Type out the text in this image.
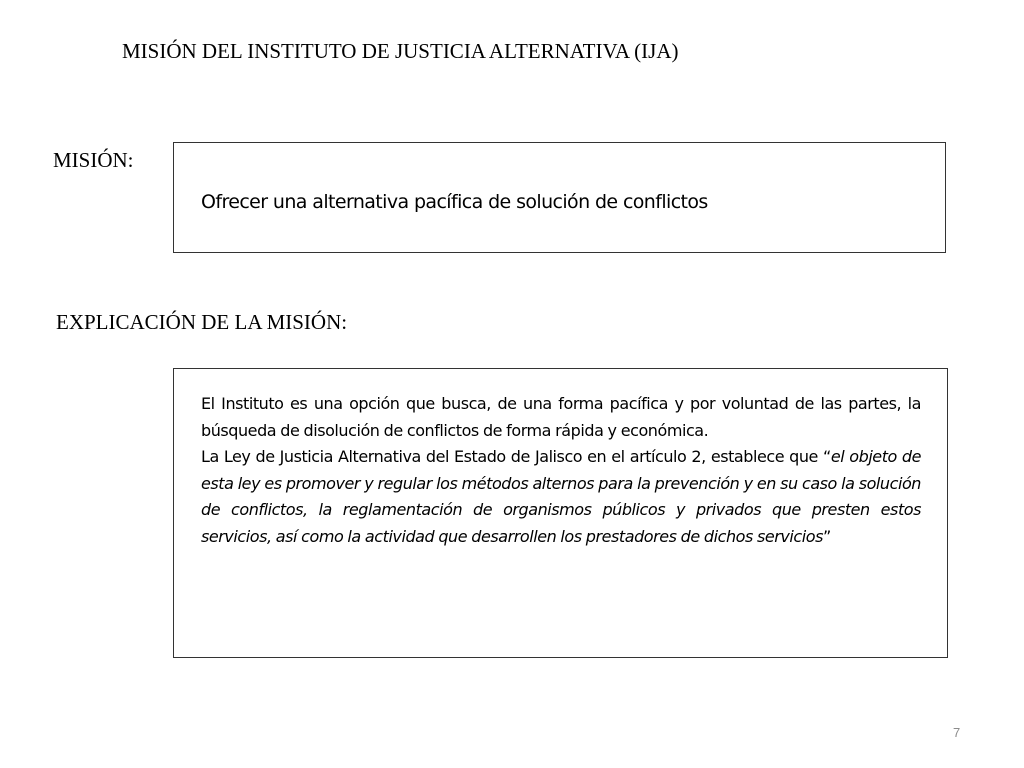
MISIÓN DEL INSTITUTO DE JUSTICIA ALTERNATIVA (IJA)
MISIÓN:
Ofrecer una alternativa pacífica de solución de conflictos
EXPLICACIÓN DE LA MISIÓN:

El Instituto es una opción que busca, de una forma pacífica y por voluntad de las partes, la búsqueda de disolución de conflictos de forma rápida y económica.

La Ley de Justicia Alternativa del Estado de Jalisco en el artículo 2, establece que “el objeto de esta ley es promover y regular los métodos alternos para la prevención y en su caso la solución de conflictos, la reglamentación de organismos públicos y privados que presten estos servicios, así como la actividad que desarrollen los prestadores de dichos servicios”

7
